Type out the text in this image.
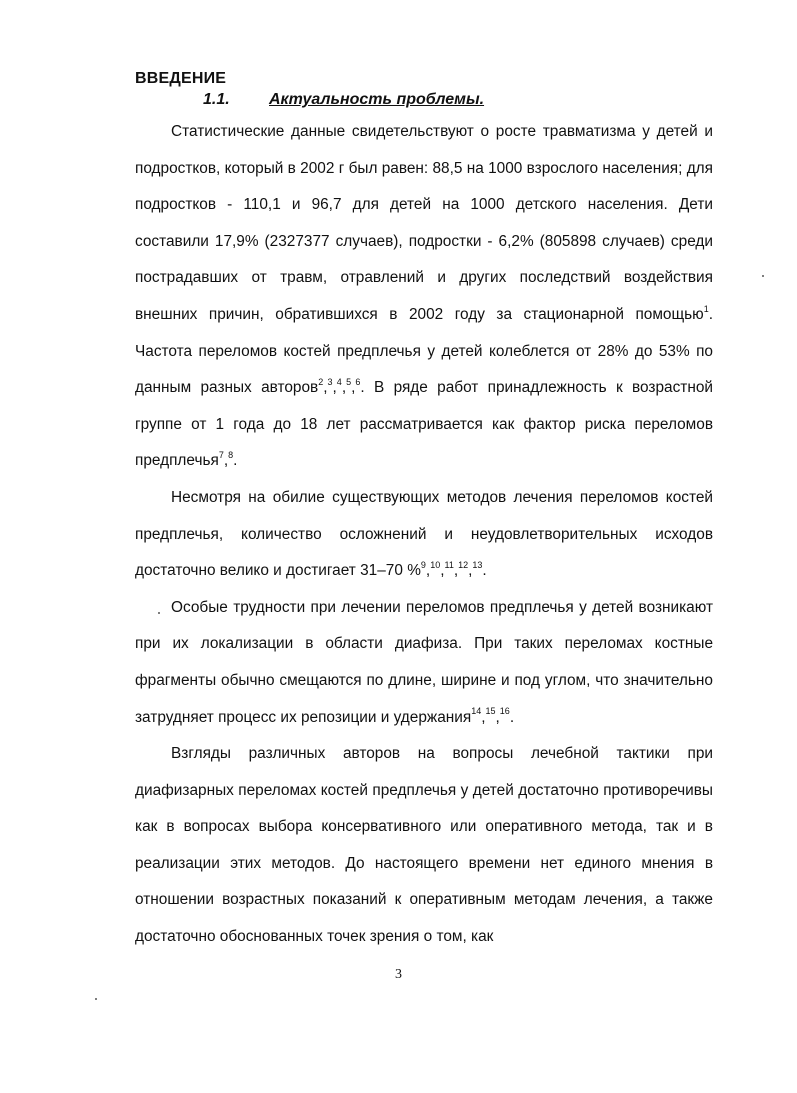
ВВЕДЕНИЕ
1.1. Актуальность проблемы.

Статистические данные свидетельствуют о росте травматизма у детей и подростков, который в 2002 г был равен: 88,5 на 1000 взрослого населения; для подростков - 110,1 и 96,7 для детей на 1000 детского населения. Дети составили 17,9% (2327377 случаев), подростки - 6,2% (805898 случаев) среди пострадавших от травм, отравлений и других последствий воздействия внешних причин, обратившихся в 2002 году за стационарной помощью$^1$. Частота переломов костей предплечья у детей колеблется от 28% до 53% по данным разных авторов$^2$,$^3$,$^4$,$^5$,$^6$. В ряде работ принадлежность к возрастной группе от 1 года до 18 лет рассматривается как фактор риска переломов предплечья$^7$,$^8$.

Несмотря на обилие существующих методов лечения переломов костей предплечья, количество осложнений и неудовлетворительных исходов достаточно велико и достигает 31–70 %$^9$,$^{10}$,$^{11}$,$^{12}$,$^{13}$.

Особые трудности при лечении переломов предплечья у детей возникают при их локализации в области диафиза. При таких переломах костные фрагменты обычно смещаются по длине, ширине и под углом, что значительно затрудняет процесс их репозиции и удержания$^{14}$,$^{15}$,$^{16}$.

Взгляды различных авторов на вопросы лечебной тактики при диафизарных переломах костей предплечья у детей достаточно противоречивы как в вопросах выбора консервативного или оперативного метода, так и в реализации этих методов. До настоящего времени нет единого мнения в отношении возрастных показаний к оперативным методам лечения, а также достаточно обоснованных точек зрения о том, как

3
